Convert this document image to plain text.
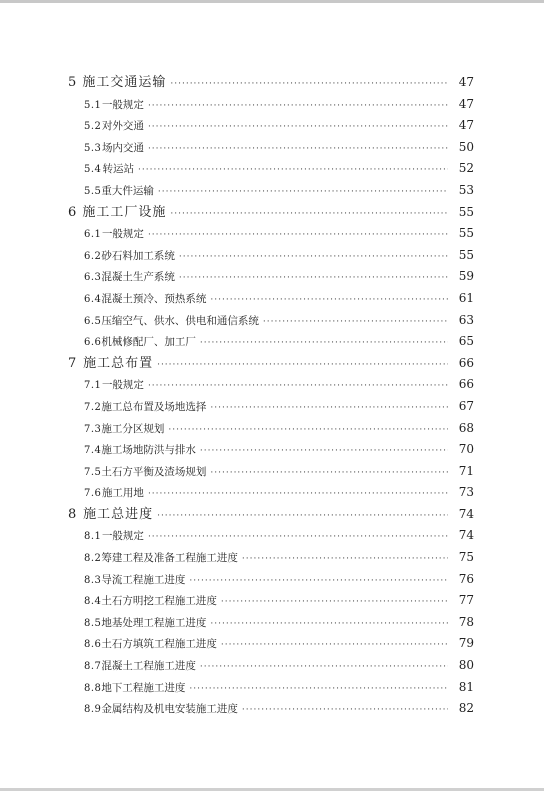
5 施工交通运输 ·····	47
5.1 一般规定 ·····	47
5.2 对外交通 ·····	47
5.3 场内交通 ·····	50
5.4 转运站 ·····	52
5.5 重大件运输 ·····	53
6 施工工厂设施 ·····	55
6.1 一般规定 ·····	55
6.2 砂石料加工系统 ·····	55
6.3 混凝土生产系统 ·····	59
6.4 混凝土预冷、预热系统 ·····	61
6.5 压缩空气、供水、供电和通信系统 ·····	63
6.6 机械修配厂、加工厂 ·····	65
7 施工总布置 ·····	66
7.1 一般规定 ·····	66
7.2 施工总布置及场地选择 ·····	67
7.3 施工分区规划 ·····	68
7.4 施工场地防洪与排水 ·····	70
7.5 土石方平衡及渣场规划 ·····	71
7.6 施工用地 ·····	73
8 施工总进度 ·····	74
8.1 一般规定 ·····	74
8.2 筹建工程及准备工程施工进度 ·····	75
8.3 导流工程施工进度 ·····	76
8.4 土石方明挖工程施工进度 ·····	77
8.5 地基处理工程施工进度 ·····	78
8.6 土石方填筑工程施工进度 ·····	79
8.7 混凝土工程施工进度 ·····	80
8.8 地下工程施工进度 ·····	81
8.9 金属结构及机电安装施工进度 ·····	82
